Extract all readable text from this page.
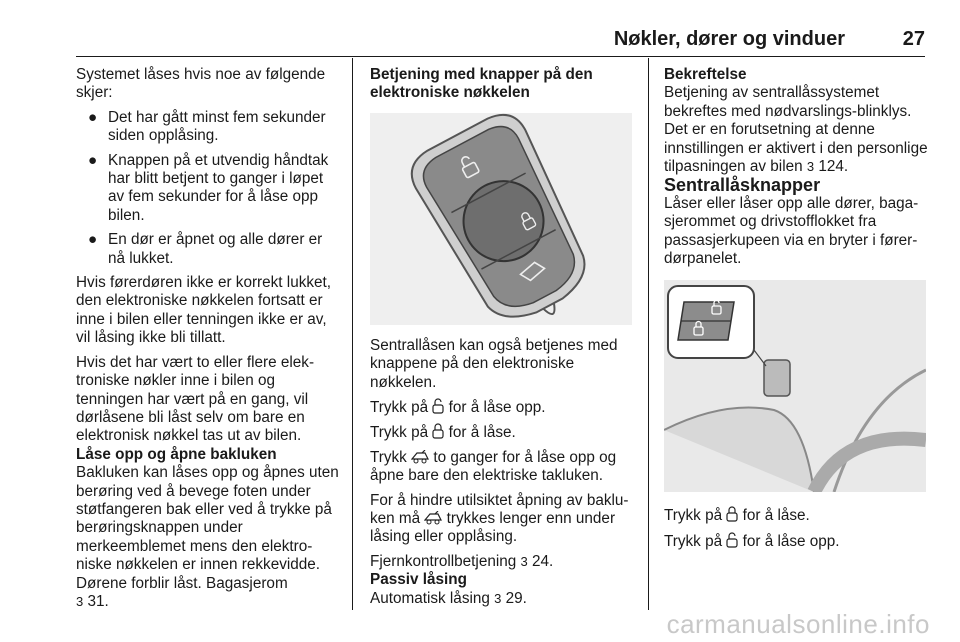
Nøkler, dører og vinduer	27

Systemet låses hvis noe av følgende skjer:

● Det har gått minst fem sekunder siden opplåsing.
● Knappen på et utvendig håndtak har blitt betjent to ganger i løpet av fem sekunder for å låse opp bilen.
● En dør er åpnet og alle dører er nå lukket.

Hvis førerdøren ikke er korrekt lukket, den elektroniske nøkkelen fortsatt er inne i bilen eller tenningen ikke er av, vil låsing ikke bli tillatt.

Hvis det har vært to eller flere elektroniske nøkler inne i bilen og tenningen har vært på en gang, vil dørlåsene bli låst selv om bare en elektronisk nøkkel tas ut av bilen.

Låse opp og åpne bakluken

Bakluken kan låses opp og åpnes uten berøring ved å bevege foten under støtfangeren bak eller ved å trykke på berøringsknappen under merkeemblemet mens den elektroniske nøkkelen er innen rekkevidde. Dørene forblir låst. Bagasjerom
3 31.

Betjening med knapper på den elektroniske nøkkelen

Sentrallåsen kan også betjenes med knappene på den elektroniske nøkkelen.

Trykk på for å låse opp.

Trykk på for å låse.

Trykk to ganger for å låse opp og åpne bare den elektriske takluken.

For å hindre utilsiktet åpning av bakluken må trykkes lenger enn under låsing eller opplåsing.

Fjernkontrollbetjening 3 24.

Passiv låsing

Automatisk låsing 3 29.

Bekreftelse

Betjening av sentrallåssystemet bekreftes med nødvarslings-blinklys. Det er en forutsetning at denne innstillingen er aktivert i den personlige tilpasningen av bilen 3 124.

Sentrallåsknapper

Låser eller låser opp alle dører, bagasjerommet og drivstofflokket fra passasjerkupeen via en bryter i førerdørpanelet.

Trykk på for å låse.

Trykk på for å låse opp.

carmanualsonline.info
